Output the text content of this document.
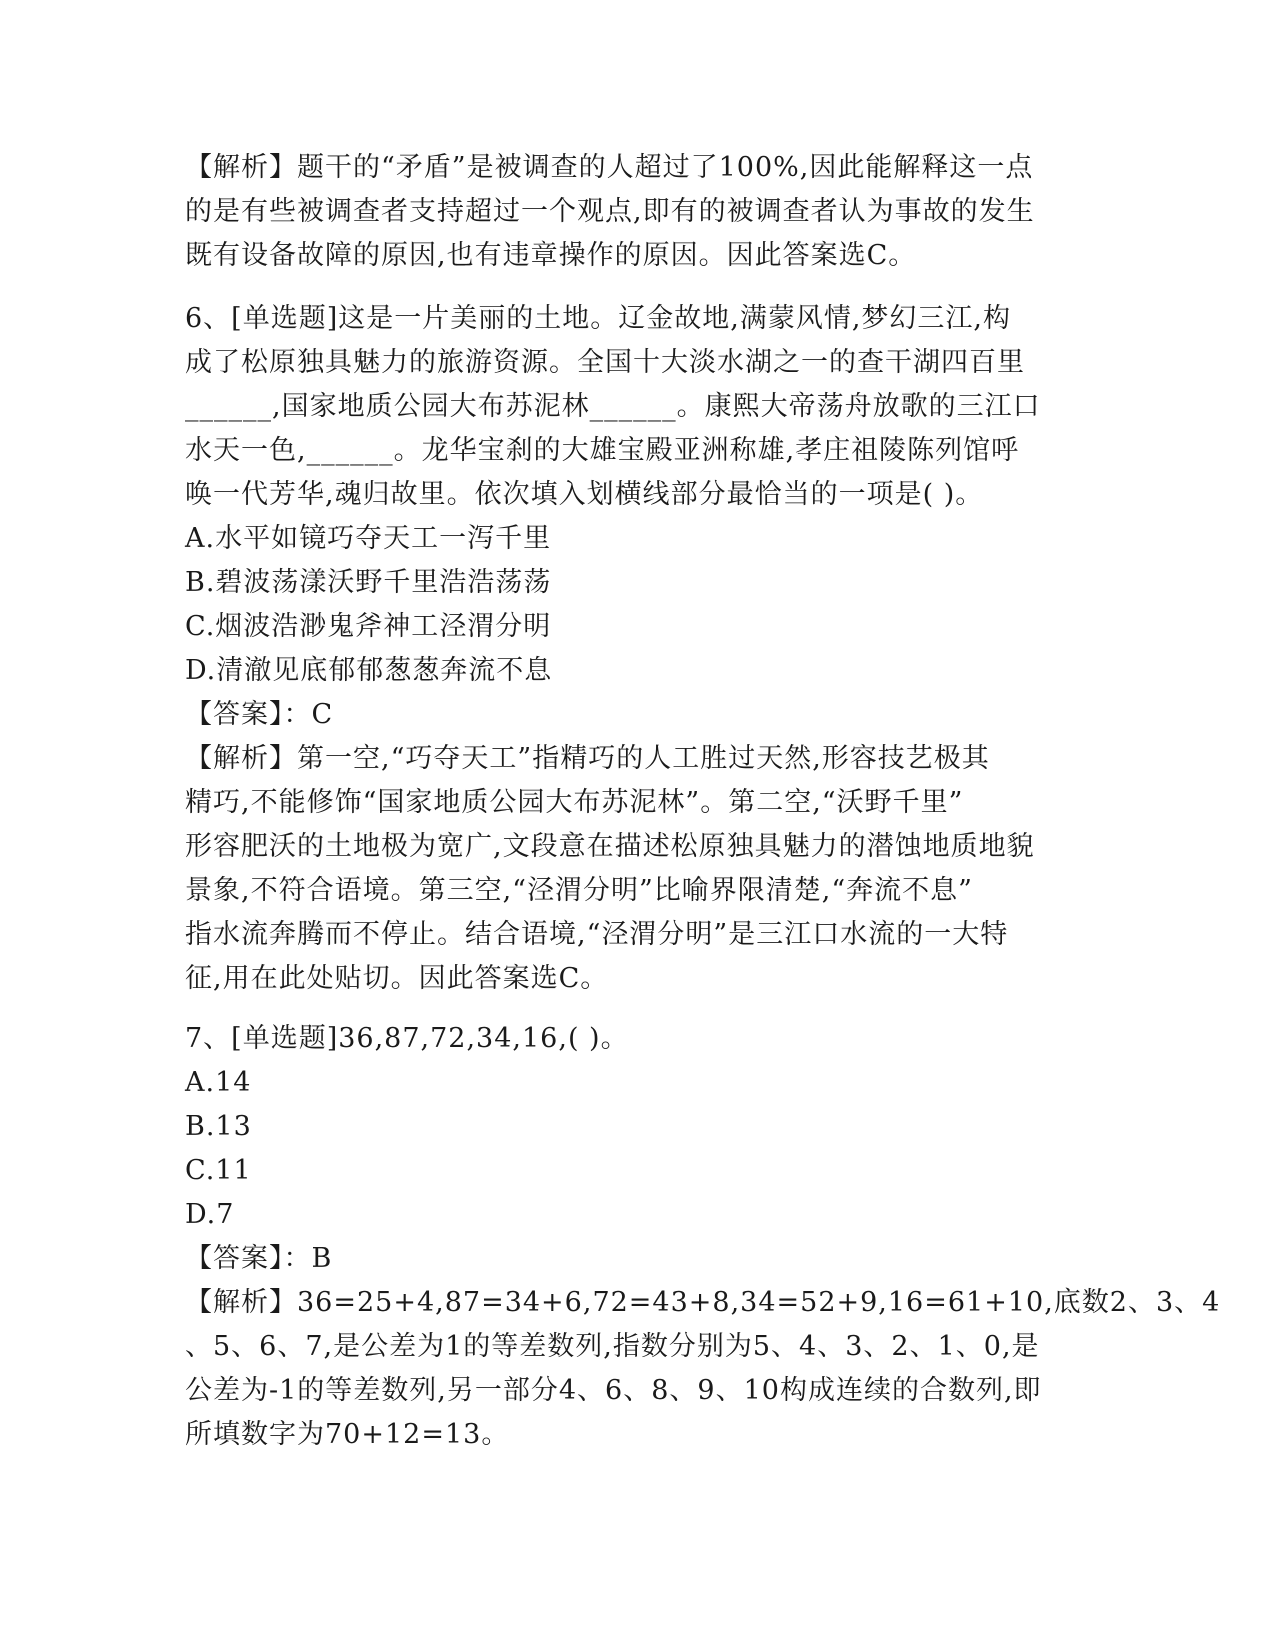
【解析】题干的“矛盾”是被调查的人超过了100%,因此能解释这一点
的是有些被调查者支持超过一个观点,即有的被调查者认为事故的发生
既有设备故障的原因,也有违章操作的原因。因此答案选C。
6、[单选题]这是一片美丽的土地。辽金故地,满蒙风情,梦幻三江,构
成了松原独具魅力的旅游资源。全国十大淡水湖之一的查干湖四百里
______,国家地质公园大布苏泥林______。康熙大帝荡舟放歌的三江口
水天一色,______。龙华宝刹的大雄宝殿亚洲称雄,孝庄祖陵陈列馆呼
唤一代芳华,魂归故里。依次填入划横线部分最恰当的一项是( )。
A.水平如镜巧夺天工一泻千里
B.碧波荡漾沃野千里浩浩荡荡
C.烟波浩渺鬼斧神工泾渭分明
D.清澈见底郁郁葱葱奔流不息
【答案】：C
【解析】第一空,“巧夺天工”指精巧的人工胜过天然,形容技艺极其
精巧,不能修饰“国家地质公园大布苏泥林”。第二空,“沃野千里”
形容肥沃的土地极为宽广,文段意在描述松原独具魅力的潜蚀地质地貌
景象,不符合语境。第三空,“泾渭分明”比喻界限清楚,“奔流不息”
指水流奔腾而不停止。结合语境,“泾渭分明”是三江口水流的一大特
征,用在此处贴切。因此答案选C。
7、[单选题]36,87,72,34,16,( )。
A.14
B.13
C.11
D.7
【答案】：B
【解析】36=25+4,87=34+6,72=43+8,34=52+9,16=61+10,底数2、3、4
、5、6、7,是公差为1的等差数列,指数分别为5、4、3、2、1、0,是
公差为-1的等差数列,另一部分4、6、8、9、10构成连续的合数列,即
所填数字为70+12=13。
